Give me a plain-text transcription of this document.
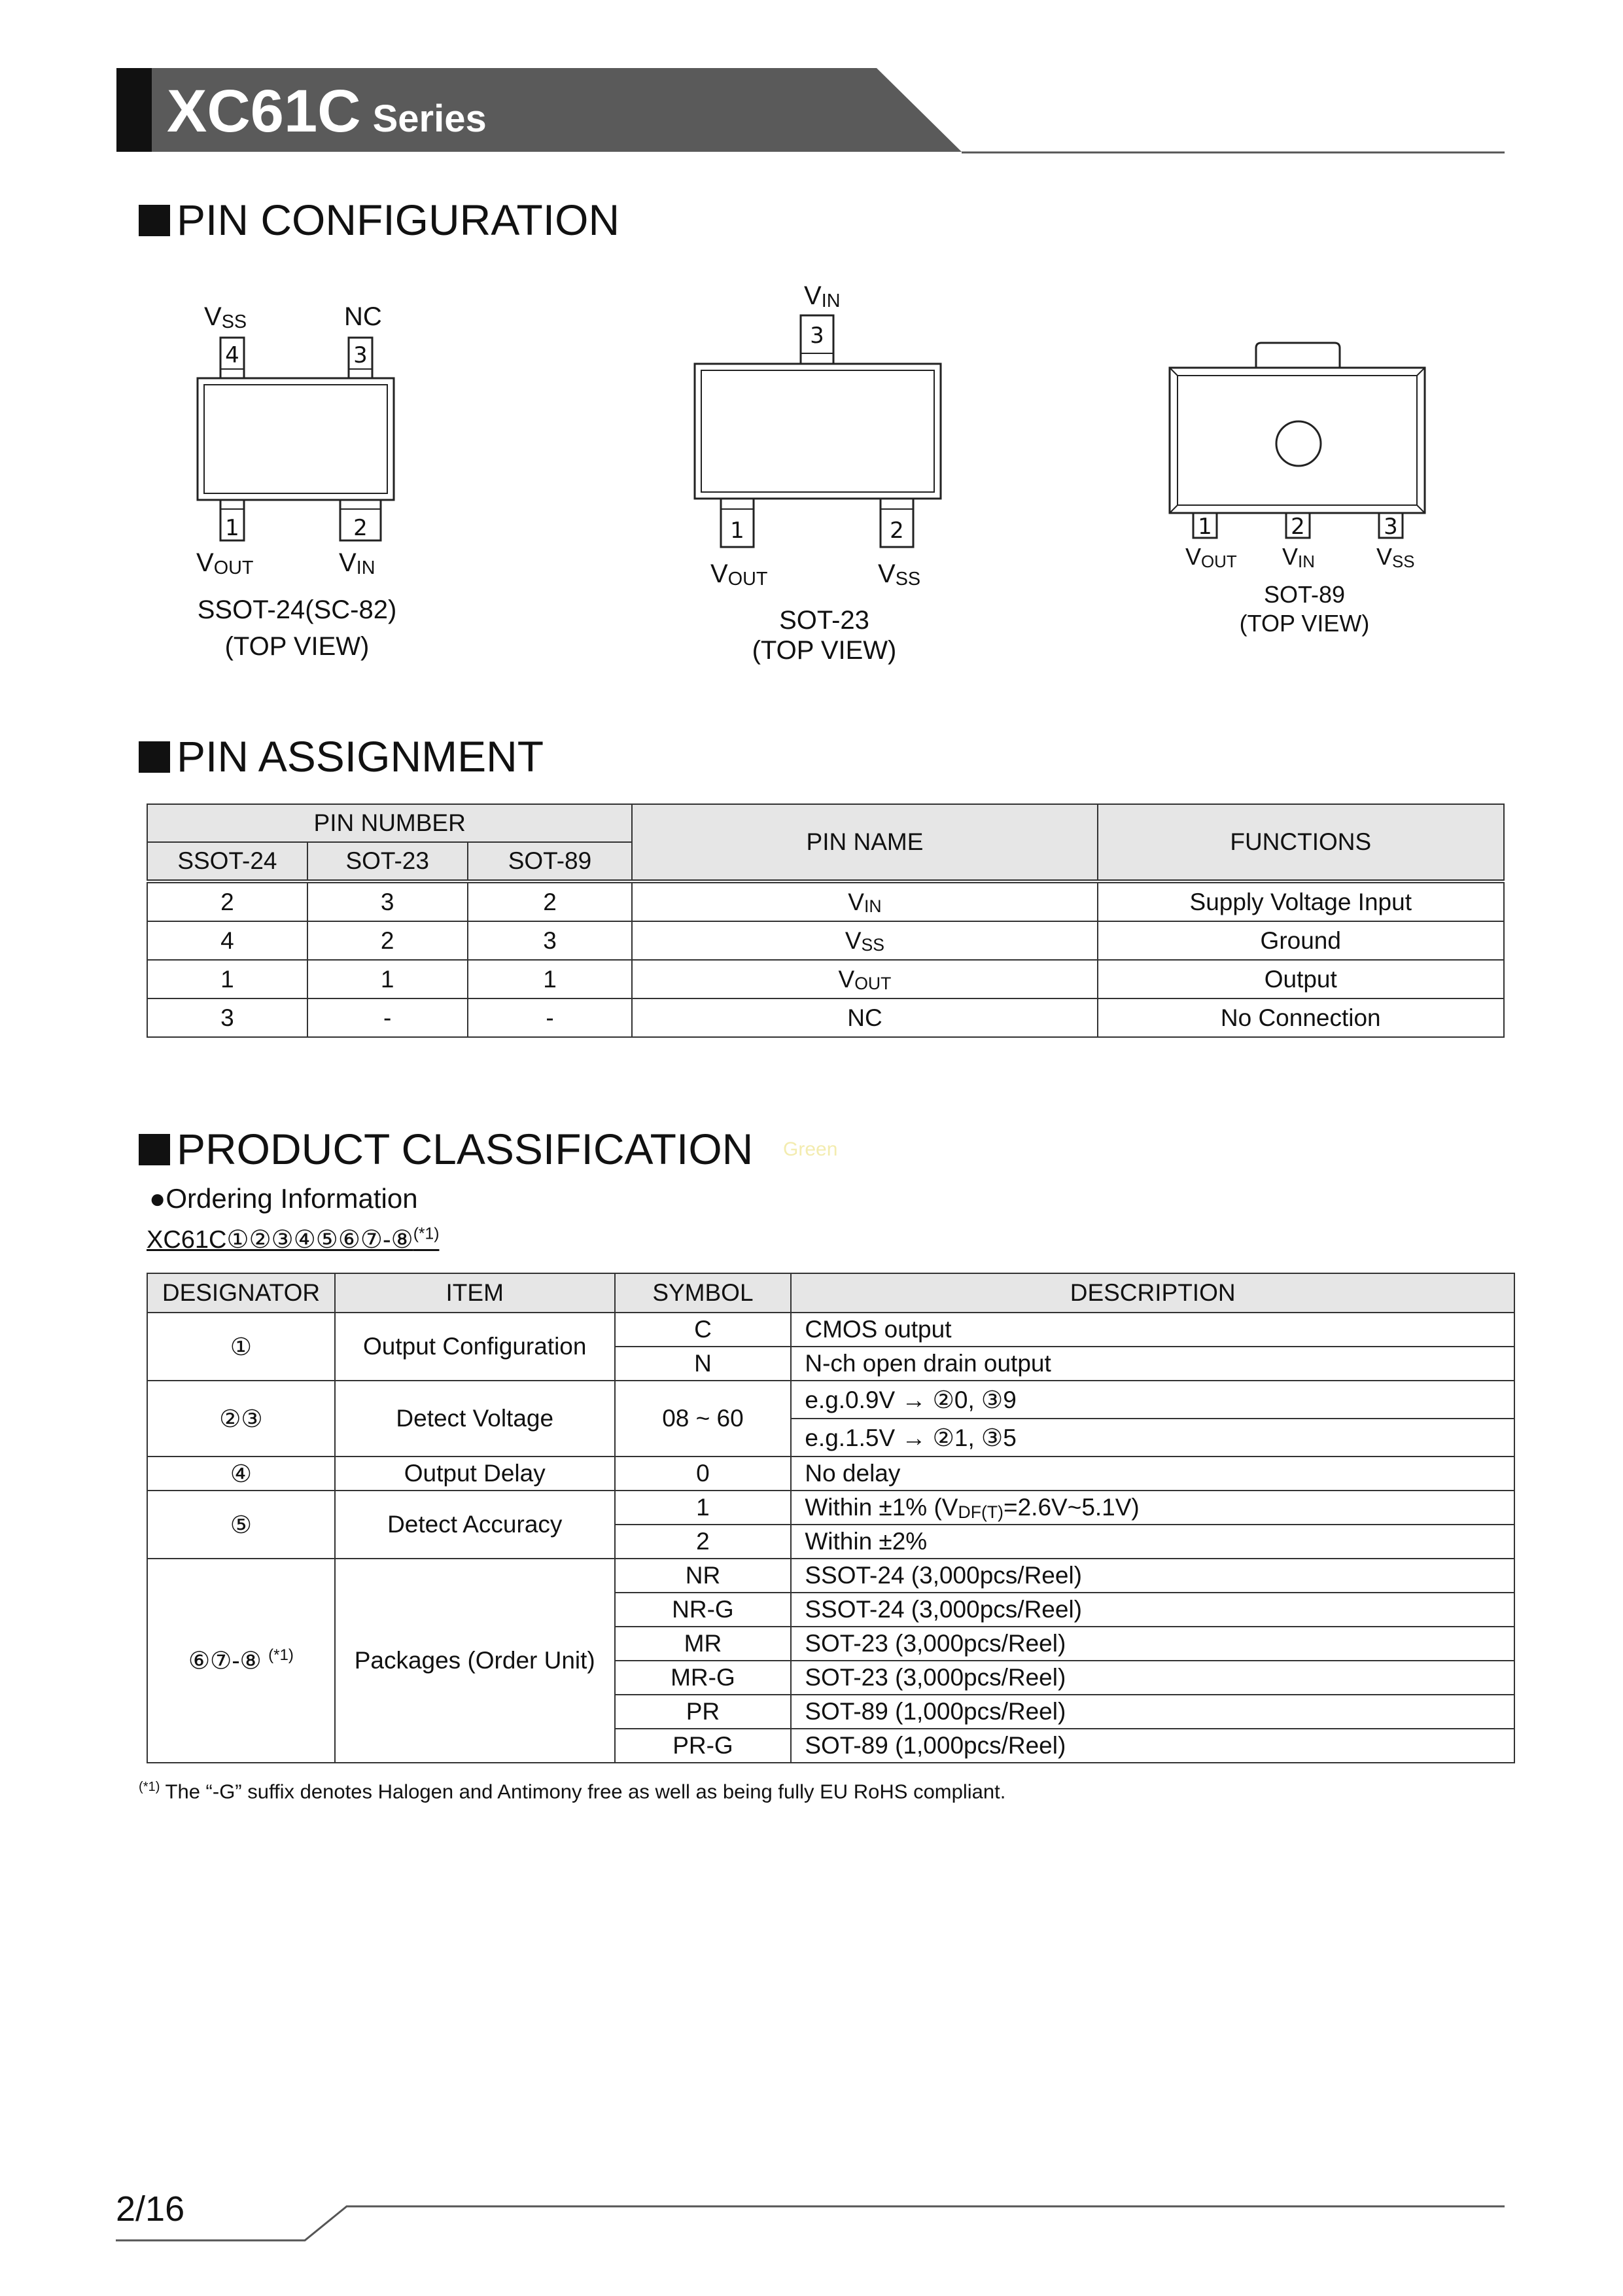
XC61C Series
PIN CONFIGURATION
4	3
1	2
3
1	2	1	2	3
$V_{SS}$	NC
$V_{OUT}$	$V_{IN}$
SSOT-24(SC-82)
(TOP VIEW)
$V_{IN}$
$V_{OUT}$	$V_{SS}$
SOT-23
(TOP VIEW)
$V_{OUT}$ $V_{IN}$	$V_{SS}$
SOT-89
(TOP VIEW)
PIN ASSIGNMENT
PIN NUMBER			PIN NAME	FUNCTIONS
SSOT-24	SOT-23	SOT-89		
2	3	2	$V_{IN}$	Supply Voltage Input
4	2	3	$V_{SS}$	Ground
1	1	1	$V_{OUT}$	Output
3	-	-	NC	No Connection
PRODUCT CLASSIFICATION Green
●Ordering Information
XC61C①②③④⑤⑥⑦-⑧$^{(*1)}$
DESIGNATOR	ITEM	SYMBOL	DESCRIPTION
①	Output Configuration	C	CMOS output
		N	N-ch open drain output
②③	Detect Voltage	08 ~ 60	e.g.0.9V → ②0, ③9
			e.g.1.5V → ②1, ③5
④	Output Delay	0	No delay
⑤	Detect Accuracy	1	Within ±1% $(V_{DF(T)}=2.6V\sim 5.1V)$
		2	Within ±2%
⑥⑦-⑧ $^{(*1)}$	Packages (Order Unit)	NR	SSOT-24 (3,000pcs/Reel)
		NR-G	SSOT-24 (3,000pcs/Reel)
		MR	SOT-23 (3,000pcs/Reel)
		MR-G	SOT-23 (3,000pcs/Reel)
		PR	SOT-89 (1,000pcs/Reel)
		PR-G	SOT-89 (1,000pcs/Reel)
$^{(*1)}$ The “-G” suffix denotes Halogen and Antimony free as well as being fully EU RoHS compliant.
2/16
